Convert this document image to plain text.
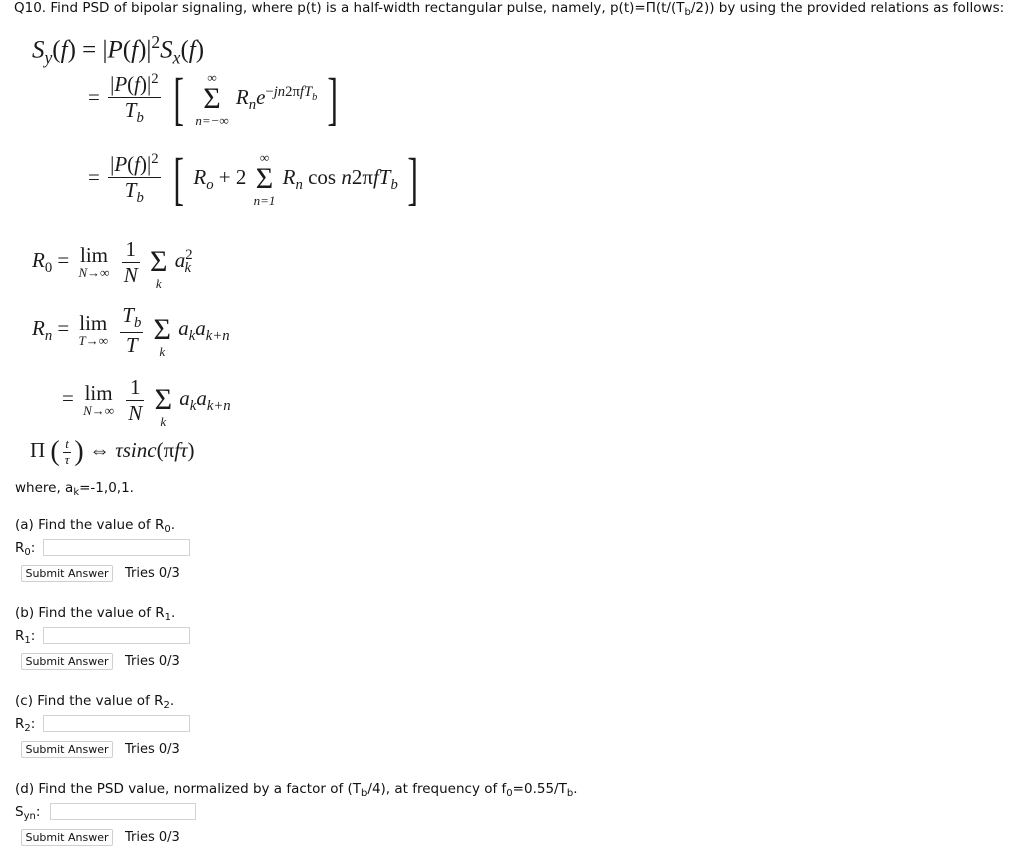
Q10. Find PSD of bipolar signaling, where p(t) is a half-width rectangular pulse, namely, $p(t)=\Pi(t/(T_b/2))$ by using the provided relations as follows:
$S_y(f) = |P(f)|^2S_x(f)$
= $\frac{|P(f)|^2}{T_b}$ [	∞
Σ
n=−∞
$R_ne^{-jn2\pi fT_b}$ ]
= $\frac{|P(f)|^2}{T_b}$ [ $R_o + 2$
∞
Σ
n=1
$R_n$ cos n2πfT$_b$ ]
$R_0 = \lim$
N→∞
$\frac{1}{N}$

Σ
k
$a^2_k$
$R_n = \lim$
T→∞
$\frac{T_b}{T}$

Σ
k
$a_ka_{k+n}$
= lim
N→∞
$\frac{1}{N}$

Σ
k
$a_ka_{k+n}$
Π ( $\frac{t}{\tau}$ ) ⇔ τsinc(πfτ)
where, $a_k=-1,0,1$.
(a) Find the value of $R_0$.
$R_0$:
Submit Answer	Tries 0/3
(b) Find the value of $R_1$.
$R_1$:
Submit Answer	Tries 0/3
(c) Find the value of $R_2$.
$R_2$:
Submit Answer	Tries 0/3
(d) Find the PSD value, normalized by a factor of $(T_b/4)$, at frequency of $f_0=0.55/T_b$.
$S_{yn}$:
Submit Answer	Tries 0/3
